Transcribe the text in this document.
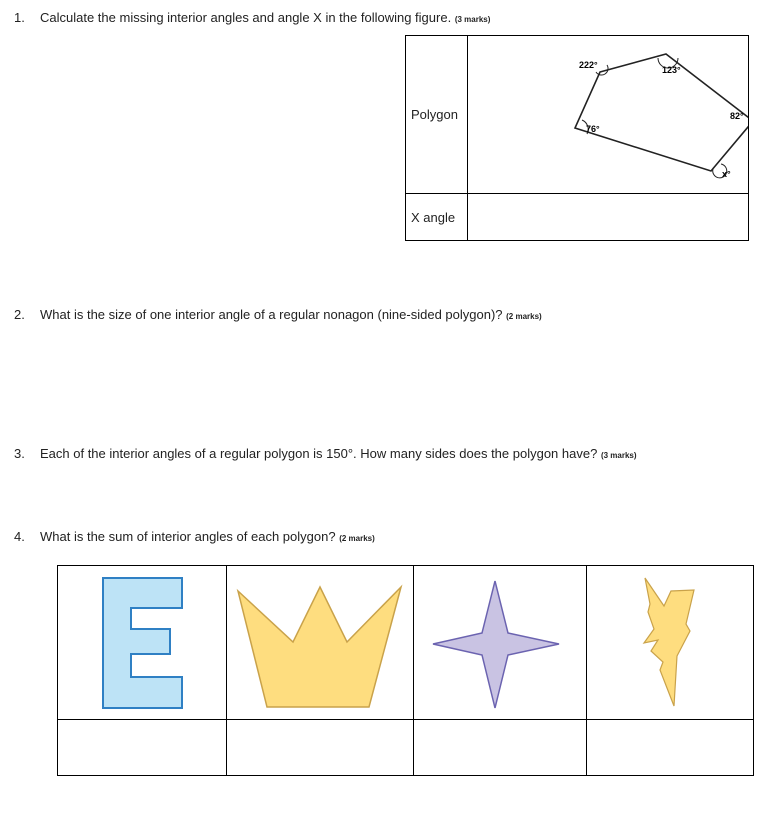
1. Calculate the missing interior angles and angle X in the following figure. (3 marks)
Polygon	222° 123°
76°
82°
x°

X angle	
2. What is the size of one interior angle of a regular nonagon (nine-sided polygon)? (2 marks)
3. Each of the interior angles of a regular polygon is 150°. How many sides does the polygon have? (3 marks)
4. What is the sum of interior angles of each polygon? (2 marks)
